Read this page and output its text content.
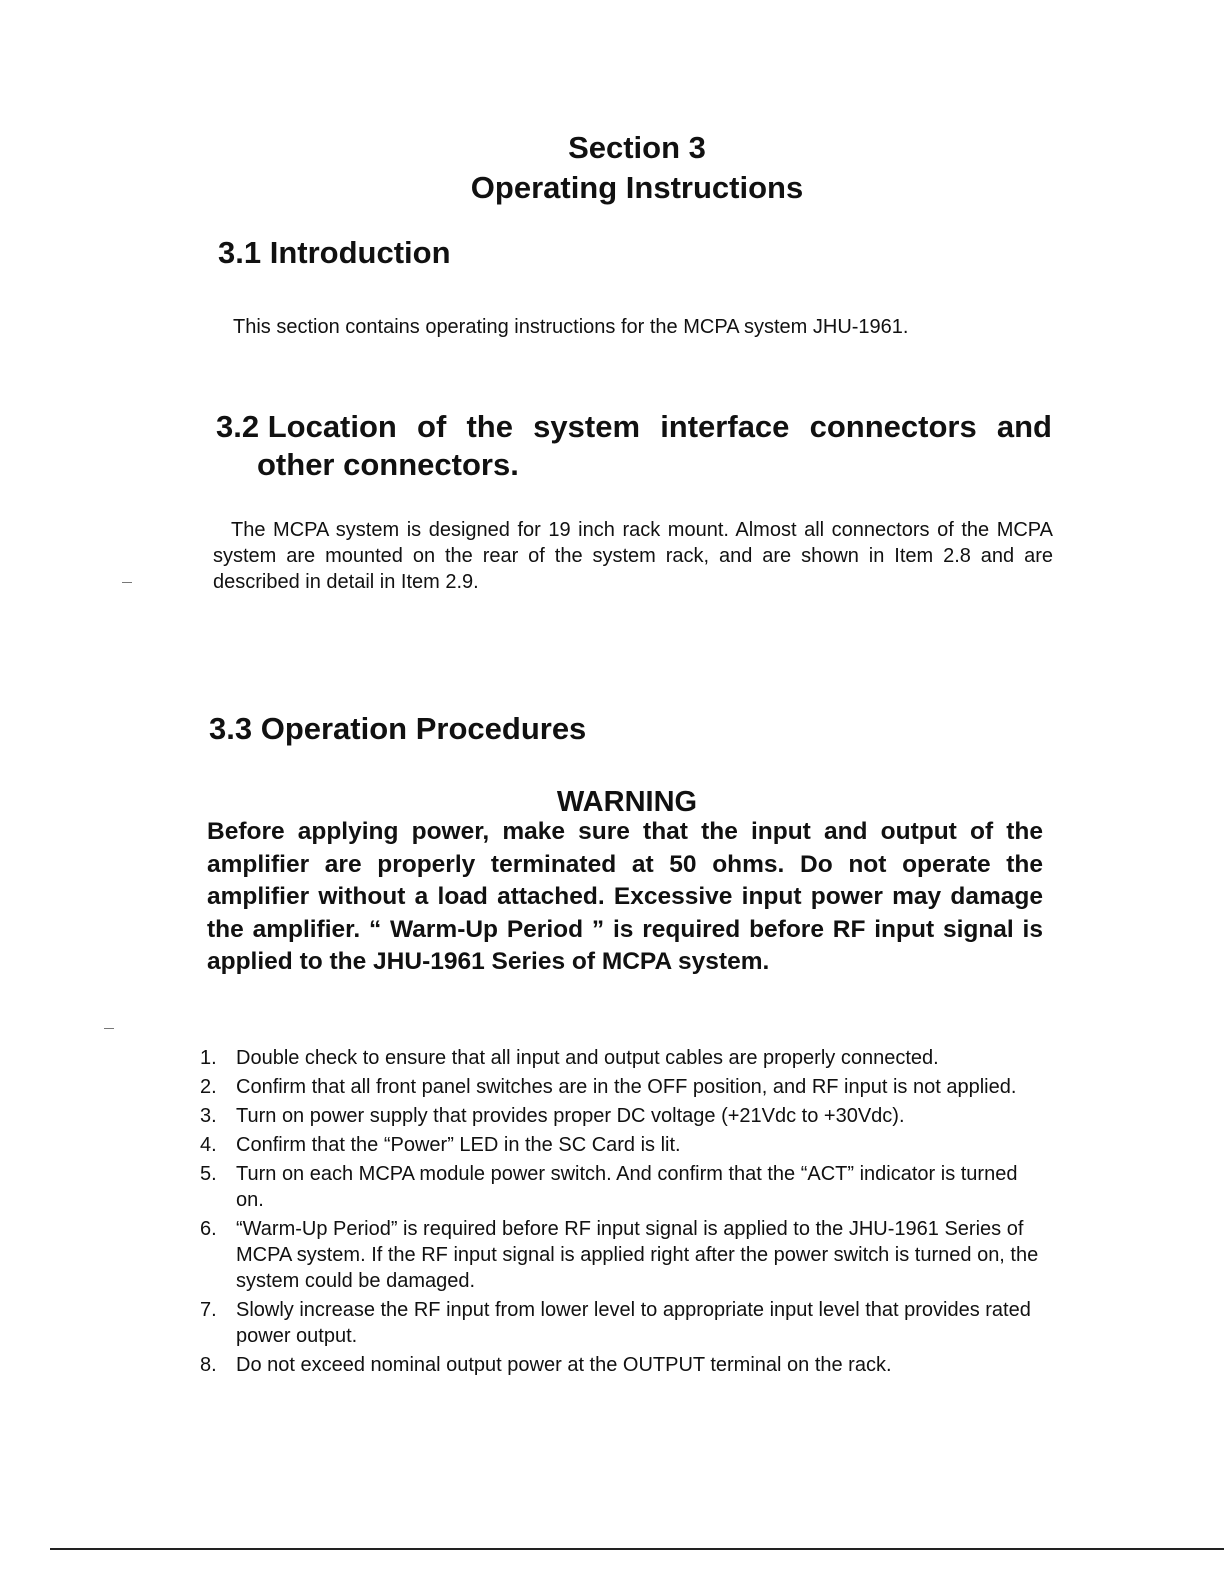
Section 3
Operating Instructions
3.1 Introduction

This section contains operating instructions for the MCPA system JHU-1961.

3.2 Location of the system interface connectors and
other connectors.

The MCPA system is designed for 19 inch rack mount. Almost all connectors of the MCPA system are mounted on the rear of the system rack, and are shown in Item 2.8 and are described in detail in Item 2.9.

3.3 Operation Procedures
WARNING

Before applying power, make sure that the input and output of the amplifier are properly terminated at 50 ohms. Do not operate the amplifier without a load attached. Excessive input power may damage the amplifier. “ Warm-Up Period ” is required before RF input signal is applied to the JHU-1961 Series of MCPA system.

1. Double check to ensure that all input and output cables are properly connected.
2. Confirm that all front panel switches are in the OFF position, and RF input is not applied.
3. Turn on power supply that provides proper DC voltage (+21Vdc to +30Vdc).
4. Confirm that the “Power” LED in the SC Card is lit.
5. Turn on each MCPA module power switch. And confirm that the “ACT” indicator is turned on.
6. “Warm-Up Period” is required before RF input signal is applied to the JHU-1961 Series of MCPA system. If the RF input signal is applied right after the power switch is turned on, the system could be damaged.
7. Slowly increase the RF input from lower level to appropriate input level that provides rated power output.
8. Do not exceed nominal output power at the OUTPUT terminal on the rack.
